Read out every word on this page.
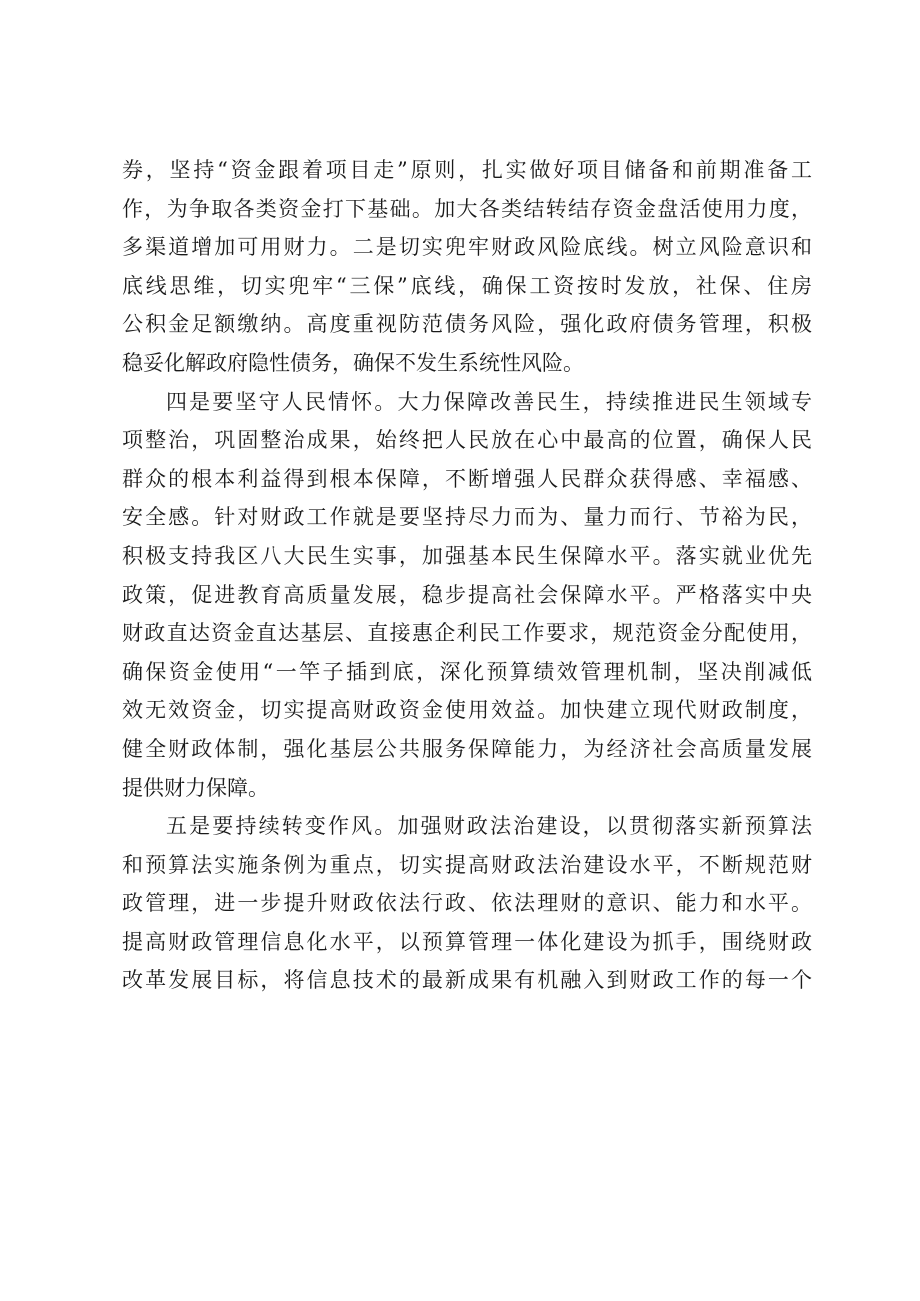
券，坚持“资金跟着项目走”原则，扎实做好项目储备和前期准备工
作，为争取各类资金打下基础。加大各类结转结存资金盘活使用力度，
多渠道增加可用财力。二是切实兜牢财政风险底线。树立风险意识和
底线思维，切实兜牢“三保”底线，确保工资按时发放，社保、住房
公积金足额缴纳。高度重视防范债务风险，强化政府债务管理，积极
稳妥化解政府隐性债务，确保不发生系统性风险。
四是要坚守人民情怀。大力保障改善民生，持续推进民生领域专
项整治，巩固整治成果，始终把人民放在心中最高的位置，确保人民
群众的根本利益得到根本保障，不断增强人民群众获得感、幸福感、
安全感。针对财政工作就是要坚持尽力而为、量力而行、节裕为民，
积极支持我区八大民生实事，加强基本民生保障水平。落实就业优先
政策，促进教育高质量发展，稳步提高社会保障水平。严格落实中央
财政直达资金直达基层、直接惠企利民工作要求，规范资金分配使用，
确保资金使用“一竿子插到底，深化预算绩效管理机制，坚决削减低
效无效资金，切实提高财政资金使用效益。加快建立现代财政制度，
健全财政体制，强化基层公共服务保障能力，为经济社会高质量发展
提供财力保障。
五是要持续转变作风。加强财政法治建设，以贯彻落实新预算法
和预算法实施条例为重点，切实提高财政法治建设水平，不断规范财
政管理，进一步提升财政依法行政、依法理财的意识、能力和水平。
提高财政管理信息化水平，以预算管理一体化建设为抓手，围绕财政
改革发展目标，将信息技术的最新成果有机融入到财政工作的每一个
